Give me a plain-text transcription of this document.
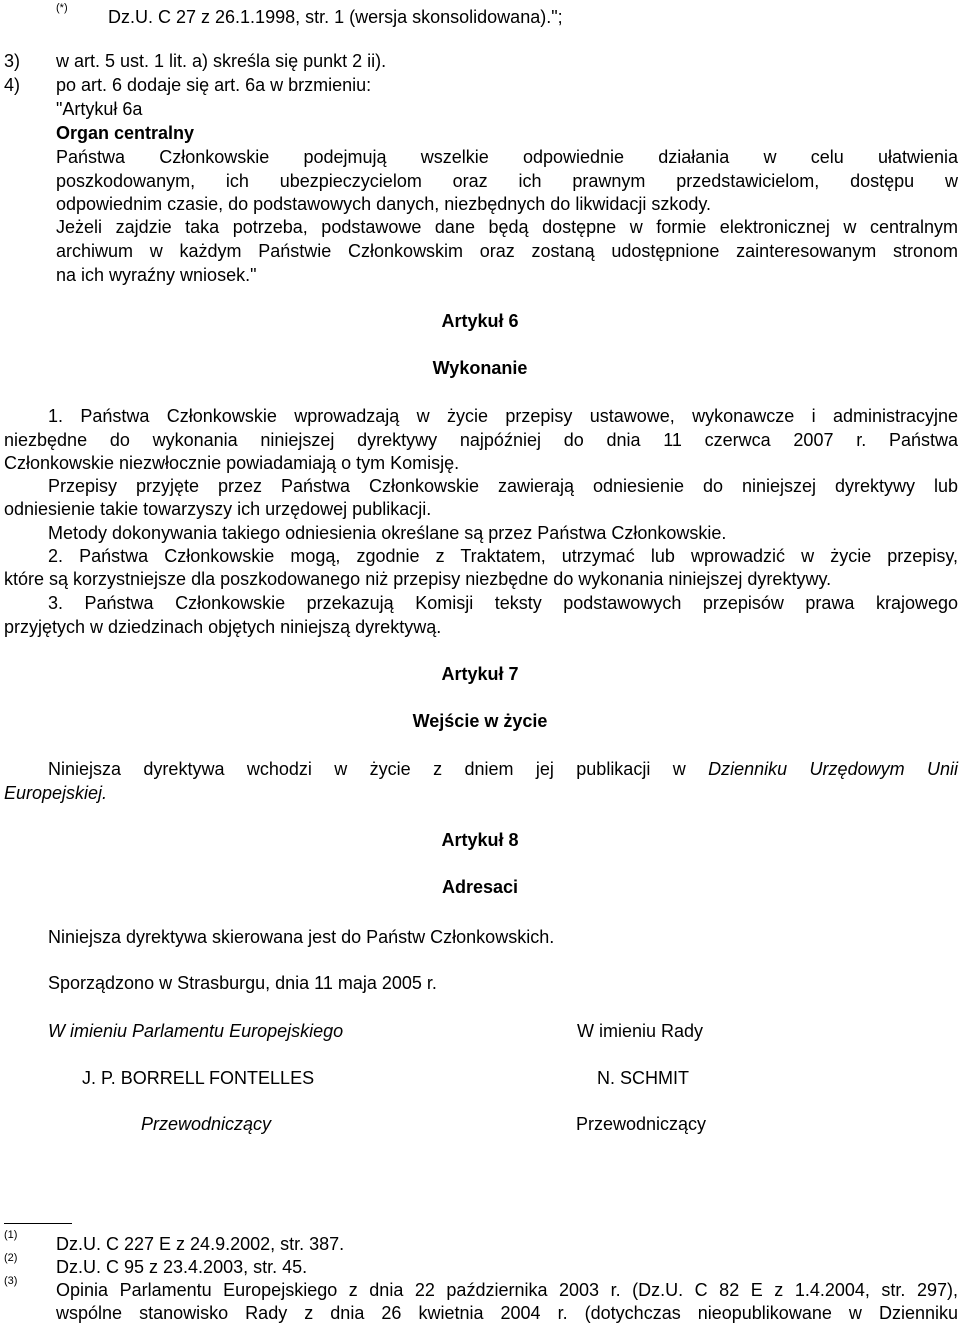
(*) Dz.U. C 27 z 26.1.1998, str. 1 (wersja skonsolidowana).";
3) w art. 5 ust. 1 lit. a) skreśla się punkt 2 ii).
4) po art. 6 dodaje się art. 6a w brzmieniu:
"Artykuł 6a
Organ centralny
Państwa Członkowskie podejmują wszelkie odpowiednie działania w celu ułatwienia
poszkodowanym, ich ubezpieczycielom oraz ich prawnym przedstawicielom, dostępu w
odpowiednim czasie, do podstawowych danych, niezbędnych do likwidacji szkody.
Jeżeli zajdzie taka potrzeba, podstawowe dane będą dostępne w formie elektronicznej w centralnym
archiwum w każdym Państwie Członkowskim oraz zostaną udostępnione zainteresowanym stronom
na ich wyraźny wniosek."
Artykuł 6
Wykonanie
1. Państwa Członkowskie wprowadzają w życie przepisy ustawowe, wykonawcze i administracyjne
niezbędne do wykonania niniejszej dyrektywy najpóźniej do dnia 11 czerwca 2007 r. Państwa
Członkowskie niezwłocznie powiadamiają o tym Komisję.
Przepisy przyjęte przez Państwa Członkowskie zawierają odniesienie do niniejszej dyrektywy lub
odniesienie takie towarzyszy ich urzędowej publikacji.
Metody dokonywania takiego odniesienia określane są przez Państwa Członkowskie.
2. Państwa Członkowskie mogą, zgodnie z Traktatem, utrzymać lub wprowadzić w życie przepisy,
które są korzystniejsze dla poszkodowanego niż przepisy niezbędne do wykonania niniejszej dyrektywy.
3. Państwa Członkowskie przekazują Komisji teksty podstawowych przepisów prawa krajowego
przyjętych w dziedzinach objętych niniejszą dyrektywą.
Artykuł 7
Wejście w życie
Niniejsza dyrektywa wchodzi w życie z dniem jej publikacji w Dzienniku Urzędowym Unii
Europejskiej.
Artykuł 8
Adresaci
Niniejsza dyrektywa skierowana jest do Państw Członkowskich.
Sporządzono w Strasburgu, dnia 11 maja 2005 r.
W imieniu Parlamentu Europejskiego	W imieniu Rady
J. P. BORRELL FONTELLES	N. SCHMIT
Przewodniczący	Przewodniczący
(1) Dz.U. C 227 E z 24.9.2002, str. 387.
(2) Dz.U. C 95 z 23.4.2003, str. 45.
(3) Opinia Parlamentu Europejskiego z dnia 22 października 2003 r. (Dz.U. C 82 E z 1.4.2004, str. 297),
wspólne stanowisko Rady z dnia 26 kwietnia 2004 r. (dotychczas nieopublikowane w Dzienniku
